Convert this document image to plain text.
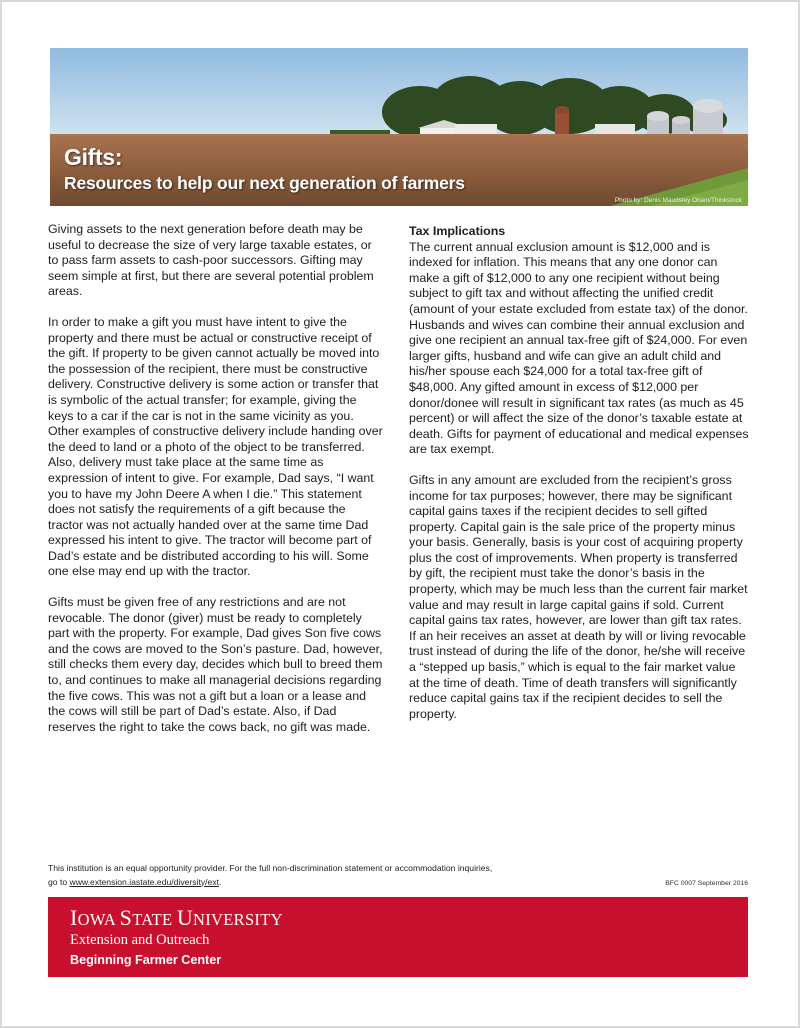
Gifts:
Resources to help our next generation of farmers
Photo by: Denis Maudsley Olsen/Thinkstock

Giving assets to the next generation before death may be useful to decrease the size of very large taxable estates, or to pass farm assets to cash-poor successors. Gifting may seem simple at first, but there are several potential problem areas.

In order to make a gift you must have intent to give the property and there must be actual or constructive receipt of the gift. If property to be given cannot actually be moved into the possession of the recipient, there must be constructive delivery. Constructive delivery is some action or transfer that is symbolic of the actual transfer; for example, giving the keys to a car if the car is not in the same vicinity as you. Other examples of constructive delivery include handing over the deed to land or a photo of the object to be transferred. Also, delivery must take place at the same time as expression of intent to give. For example, Dad says, “I want you to have my John Deere A when I die.” This statement does not satisfy the requirements of a gift because the tractor was not actually handed over at the same time Dad expressed his intent to give. The tractor will become part of Dad’s estate and be distributed according to his will. Some one else may end up with the tractor.

Gifts must be given free of any restrictions and are not revocable. The donor (giver) must be ready to completely part with the property. For example, Dad gives Son five cows and the cows are moved to the Son’s pasture. Dad, however, still checks them every day, decides which bull to breed them to, and continues to make all managerial decisions regarding the five cows. This was not a gift but a loan or a lease and the cows will still be part of Dad’s estate. Also, if Dad reserves the right to take the cows back, no gift was made.

Tax Implications

The current annual exclusion amount is $12,000 and is indexed for inflation. This means that any one donor can make a gift of $12,000 to any one recipient without being subject to gift tax and without affecting the unified credit (amount of your estate excluded from estate tax) of the donor. Husbands and wives can combine their annual exclusion and give one recipient an annual tax-free gift of $24,000. For even larger gifts, husband and wife can give an adult child and his/her spouse each $24,000 for a total tax-free gift of $48,000. Any gifted amount in excess of $12,000 per donor/donee will result in significant tax rates (as much as 45 percent) or will affect the size of the donor’s taxable estate at death. Gifts for payment of educational and medical expenses are tax exempt.

Gifts in any amount are excluded from the recipient’s gross income for tax purposes; however, there may be significant capital gains taxes if the recipient decides to sell gifted property. Capital gain is the sale price of the property minus your basis. Generally, basis is your cost of acquiring property plus the cost of improvements. When property is transferred by gift, the recipient must take the donor’s basis in the property, which may be much less than the current fair market value and may result in large capital gains if sold. Current capital gains tax rates, however, are lower than gift tax rates. If an heir receives an asset at death by will or living revocable trust instead of during the life of the donor, he/she will receive a “stepped up basis,” which is equal to the fair market value at the time of death. Time of death transfers will significantly reduce capital gains tax if the recipient decides to sell the property.

This institution is an equal opportunity provider. For the full non-discrimination statement or accommodation inquiries,
go to www.extension.iastate.edu/diversity/ext.	BFC 0007 September 2016
IOWA STATE UNIVERSITY
Extension and Outreach
Beginning Farmer Center
